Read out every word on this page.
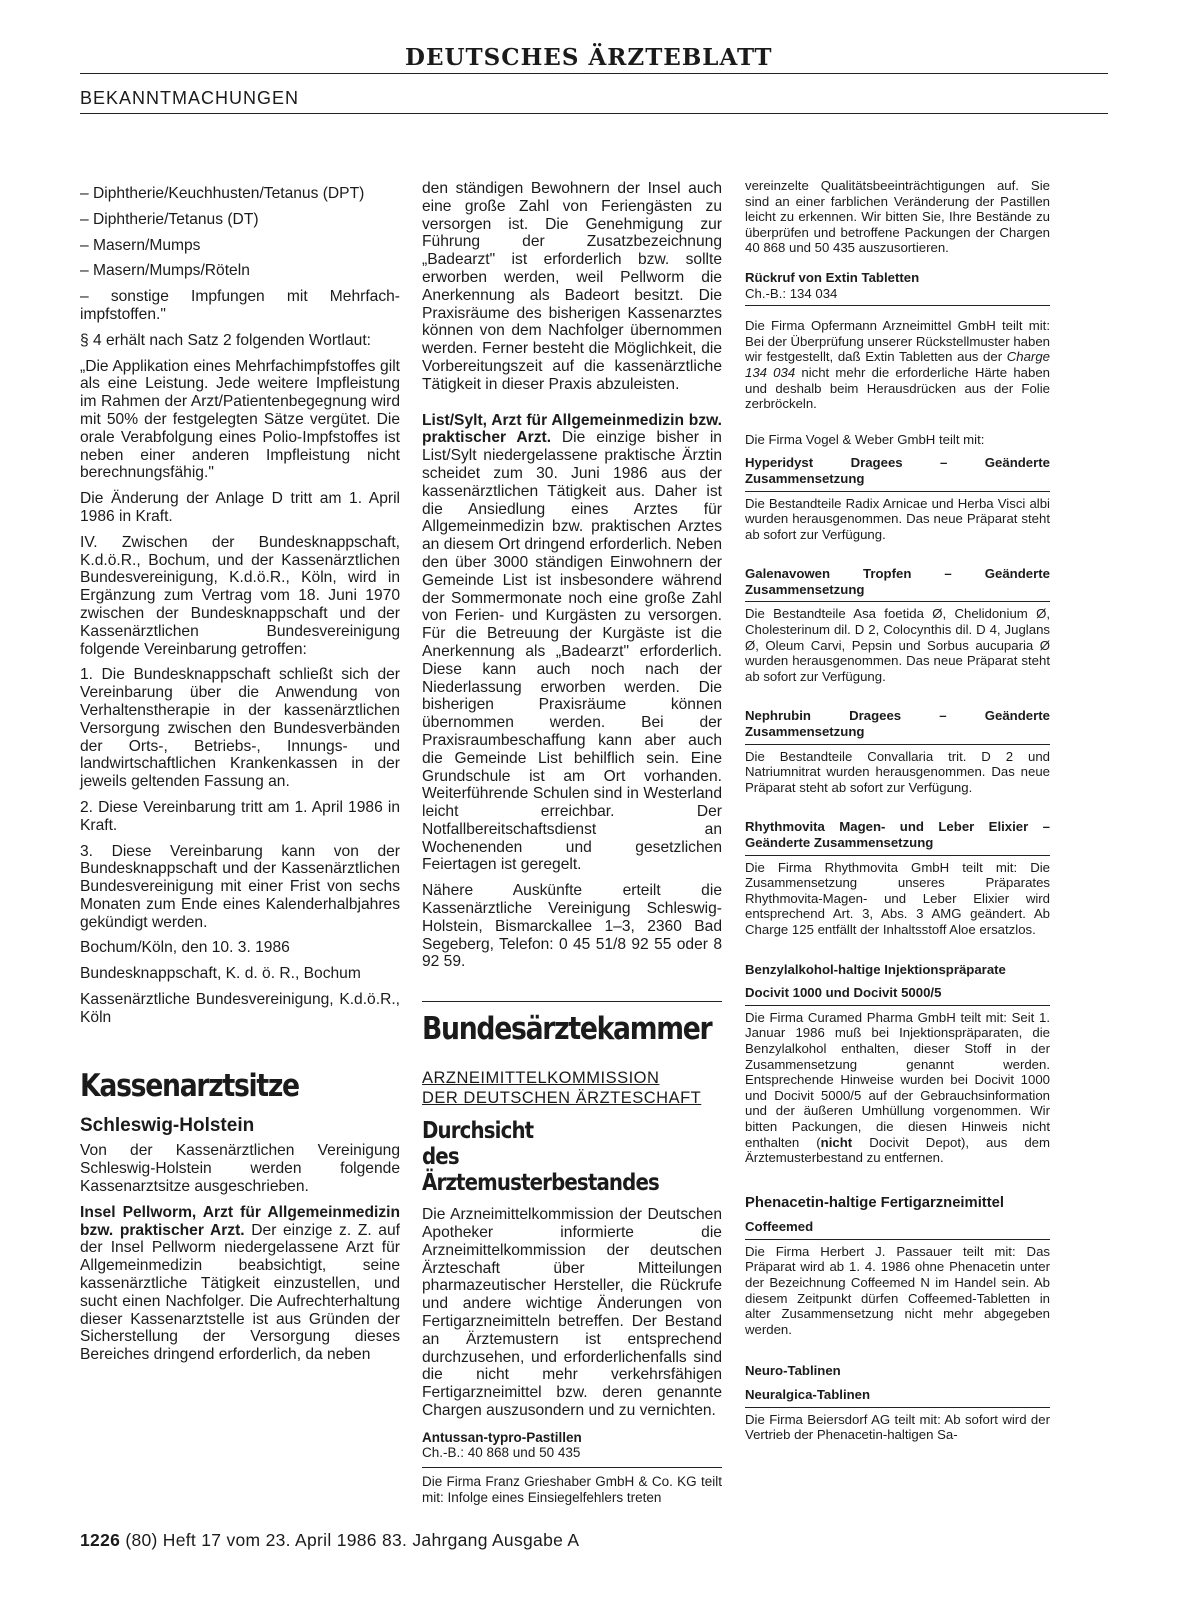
DEUTSCHES ÄRZTEBLATT
BEKANNTMACHUNGEN

– Diphtherie/Keuchhusten/Tetanus (DPT)

– Diphtherie/Tetanus (DT)

– Masern/Mumps

– Masern/Mumps/Röteln

– sonstige Impfungen mit Mehrfach-impfstoffen."

§ 4 erhält nach Satz 2 folgenden Wortlaut:

„Die Applikation eines Mehrfachimpfstoffes gilt als eine Leistung. Jede weitere Impfleistung im Rahmen der Arzt/Patientenbegegnung wird mit 50% der festgelegten Sätze vergütet. Die orale Verabfolgung eines Polio-Impfstoffes ist neben einer anderen Impfleistung nicht berechnungsfähig."

Die Änderung der Anlage D tritt am 1. April 1986 in Kraft.

IV. Zwischen der Bundesknappschaft, K.d.ö.R., Bochum, und der Kassenärztlichen Bundesvereinigung, K.d.ö.R., Köln, wird in Ergänzung zum Vertrag vom 18. Juni 1970 zwischen der Bundesknappschaft und der Kassenärztlichen Bundesvereinigung folgende Vereinbarung getroffen:

1. Die Bundesknappschaft schließt sich der Vereinbarung über die Anwendung von Verhaltenstherapie in der kassenärztlichen Versorgung zwischen den Bundesverbänden der Orts-, Betriebs-, Innungs- und landwirtschaftlichen Krankenkassen in der jeweils geltenden Fassung an.

2. Diese Vereinbarung tritt am 1. April 1986 in Kraft.

3. Diese Vereinbarung kann von der Bundesknappschaft und der Kassenärztlichen Bundesvereinigung mit einer Frist von sechs Monaten zum Ende eines Kalenderhalbjahres gekündigt werden.

Bochum/Köln, den 10. 3. 1986

Bundesknappschaft, K. d. ö. R., Bochum

Kassenärztliche Bundesvereinigung, K.d.ö.R., Köln

Kassenarztsitze
Schleswig-Holstein

Von der Kassenärztlichen Vereinigung Schleswig-Holstein werden folgende Kassenarztsitze ausgeschrieben.

Insel Pellworm, Arzt für Allgemeinmedizin bzw. praktischer Arzt. Der einzige z. Z. auf der Insel Pellworm niedergelassene Arzt für Allgemeinmedizin beabsichtigt, seine kassenärztliche Tätigkeit einzustellen, und sucht einen Nachfolger. Die Aufrechterhaltung dieser Kassenarztstelle ist aus Gründen der Sicherstellung der Versorgung dieses Bereiches dringend erforderlich, da neben

den ständigen Bewohnern der Insel auch eine große Zahl von Feriengästen zu versorgen ist. Die Genehmigung zur Führung der Zusatzbezeichnung „Badearzt" ist erforderlich bzw. sollte erworben werden, weil Pellworm die Anerkennung als Badeort besitzt. Die Praxisräume des bisherigen Kassenarztes können von dem Nachfolger übernommen werden. Ferner besteht die Möglichkeit, die Vorbereitungszeit auf die kassenärztliche Tätigkeit in dieser Praxis abzuleisten.

List/Sylt, Arzt für Allgemeinmedizin bzw. praktischer Arzt. Die einzige bisher in List/Sylt niedergelassene praktische Ärztin scheidet zum 30. Juni 1986 aus der kassenärztlichen Tätigkeit aus. Daher ist die Ansiedlung eines Arztes für Allgemeinmedizin bzw. praktischen Arztes an diesem Ort dringend erforderlich. Neben den über 3000 ständigen Einwohnern der Gemeinde List ist insbesondere während der Sommermonate noch eine große Zahl von Ferien- und Kurgästen zu versorgen. Für die Betreuung der Kurgäste ist die Anerkennung als „Badearzt" erforderlich. Diese kann auch noch nach der Niederlassung erworben werden. Die bisherigen Praxisräume können übernommen werden. Bei der Praxisraumbeschaffung kann aber auch die Gemeinde List behilflich sein. Eine Grundschule ist am Ort vorhanden. Weiterführende Schulen sind in Westerland leicht erreichbar. Der Notfallbereitschaftsdienst an Wochenenden und gesetzlichen Feiertagen ist geregelt.

Nähere Auskünfte erteilt die Kassenärztliche Vereinigung Schleswig-Holstein, Bismarckallee 1–3, 2360 Bad Segeberg, Telefon: 0 45 51/8 92 55 oder 8 92 59.

Bundesärztekammer
ARZNEIMITTELKOMMISSION
DER DEUTSCHEN ÄRZTESCHAFT
Durchsicht
des Ärztemusterbestandes

Die Arzneimittelkommission der Deutschen Apotheker informierte die Arzneimittelkommission der deutschen Ärzteschaft über Mitteilungen pharmazeutischer Hersteller, die Rückrufe und andere wichtige Änderungen von Fertigarzneimitteln betreffen. Der Bestand an Ärztemustern ist entsprechend durchzusehen, und erforderlichenfalls sind die nicht mehr verkehrsfähigen Fertigarzneimittel bzw. deren genannte Chargen auszusondern und zu vernichten.

Antussan-typro-Pastillen
Ch.-B.: 40 868 und 50 435

Die Firma Franz Grieshaber GmbH & Co. KG teilt mit: Infolge eines Einsiegelfehlers treten

vereinzelte Qualitätsbeeinträchtigungen auf. Sie sind an einer farblichen Veränderung der Pastillen leicht zu erkennen. Wir bitten Sie, Ihre Bestände zu überprüfen und betroffene Packungen der Chargen 40 868 und 50 435 auszusortieren.

Rückruf von Extin Tabletten
Ch.-B.: 134 034

Die Firma Opfermann Arzneimittel GmbH teilt mit: Bei der Überprüfung unserer Rückstellmuster haben wir festgestellt, daß Extin Tabletten aus der Charge 134 034 nicht mehr die erforderliche Härte haben und deshalb beim Herausdrücken aus der Folie zerbröckeln.

Die Firma Vogel & Weber GmbH teilt mit:

Hyperidyst Dragees – Geänderte Zusammensetzung

Die Bestandteile Radix Arnicae und Herba Visci albi wurden herausgenommen. Das neue Präparat steht ab sofort zur Verfügung.

Galenavowen Tropfen – Geänderte Zusammensetzung

Die Bestandteile Asa foetida Ø, Chelidonium Ø, Cholesterinum dil. D 2, Colocynthis dil. D 4, Juglans Ø, Oleum Carvi, Pepsin und Sorbus aucuparia Ø wurden herausgenommen. Das neue Präparat steht ab sofort zur Verfügung.

Nephrubin Dragees – Geänderte Zusammensetzung

Die Bestandteile Convallaria trit. D 2 und Natriumnitrat wurden herausgenommen. Das neue Präparat steht ab sofort zur Verfügung.

Rhythmovita Magen- und Leber Elixier – Geänderte Zusammensetzung

Die Firma Rhythmovita GmbH teilt mit: Die Zusammensetzung unseres Präparates Rhythmovita-Magen- und Leber Elixier wird entsprechend Art. 3, Abs. 3 AMG geändert. Ab Charge 125 entfällt der Inhaltsstoff Aloe ersatzlos.

Benzylalkohol-haltige Injektionspräparate
Docivit 1000 und Docivit 5000/5

Die Firma Curamed Pharma GmbH teilt mit: Seit 1. Januar 1986 muß bei Injektionspräparaten, die Benzylalkohol enthalten, dieser Stoff in der Zusammensetzung genannt werden. Entsprechende Hinweise wurden bei Docivit 1000 und Docivit 5000/5 auf der Gebrauchsinformation und der äußeren Umhüllung vorgenommen. Wir bitten Packungen, die diesen Hinweis nicht enthalten (nicht Docivit Depot), aus dem Ärztemusterbestand zu entfernen.

Phenacetin-haltige Fertigarzneimittel
Coffeemed

Die Firma Herbert J. Passauer teilt mit: Das Präparat wird ab 1. 4. 1986 ohne Phenacetin unter der Bezeichnung Coffeemed N im Handel sein. Ab diesem Zeitpunkt dürfen Coffeemed-Tabletten in alter Zusammensetzung nicht mehr abgegeben werden.

Neuro-Tablinen
Neuralgica-Tablinen

Die Firma Beiersdorf AG teilt mit: Ab sofort wird der Vertrieb der Phenacetin-haltigen Sa-

1226 (80) Heft 17 vom 23. April 1986 83. Jahrgang Ausgabe A
